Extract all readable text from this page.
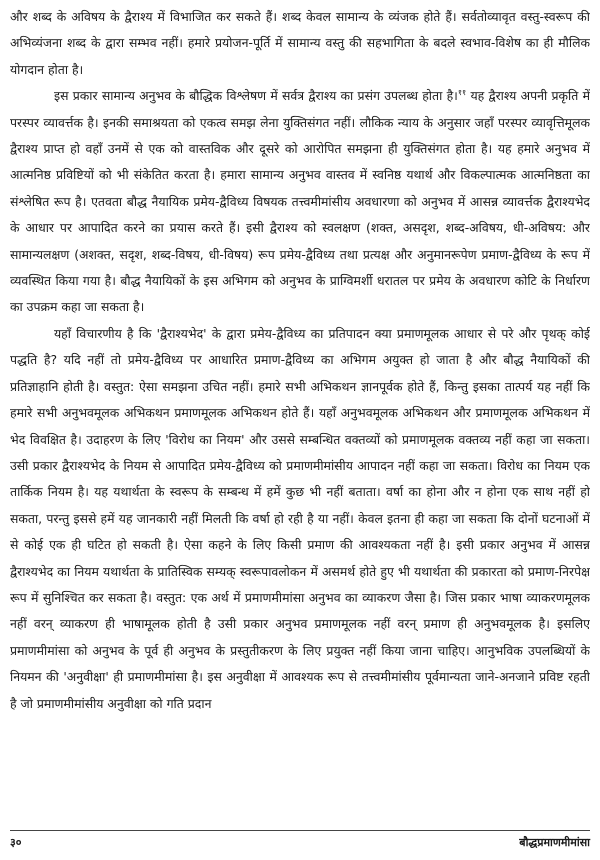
और शब्द के अविषय के द्वैराश्य में विभाजित कर सकते हैं। शब्द केवल सामान्य के व्यंजक होते हैं। सर्वतोव्यावृत वस्तु-स्वरूप की अभिव्यंजना शब्द के द्वारा सम्भव नहीं। हमारे प्रयोजन-पूर्ति में सामान्य वस्तु की सहभागिता के बदले स्वभाव-विशेष का ही मौलिक योगदान होता है।

इस प्रकार सामान्य अनुभव के बौद्धिक विश्लेषण में सर्वत्र द्वैराश्य का प्रसंग उपलब्ध होता है।$^{११}$ यह द्वैराश्य अपनी प्रकृति में परस्पर व्यावर्त्तक है। इनकी समाश्रयता को एकत्व समझ लेना युक्तिसंगत नहीं। लौकिक न्याय के अनुसार जहाँ परस्पर व्यावृत्तिमूलक द्वैराश्य प्राप्त हो वहाँ उनमें से एक को वास्तविक और दूसरे को आरोपित समझना ही युक्तिसंगत होता है। यह हमारे अनुभव में आत्मनिष्ठ प्रविष्टियों को भी संकेतित करता है। हमारा सामान्य अनुभव वास्तव में स्वनिष्ठ यथार्थ और विकल्पात्मक आत्मनिष्ठता का संश्लेषित रूप है। एतवता बौद्ध नैयायिक प्रमेय-द्वैविध्य विषयक तत्त्वमीमांसीय अवधारणा को अनुभव में आसन्न व्यावर्त्तक द्वैराश्यभेद के आधार पर आपादित करने का प्रयास करते हैं। इसी द्वैराश्य को स्वलक्षण (शक्त, असदृश, शब्द-अविषय, धी-अविषय: और सामान्यलक्षण (अशक्त, सदृश, शब्द-विषय, धी-विषय) रूप प्रमेय-द्वैविध्य तथा प्रत्यक्ष और अनुमानरूपेण प्रमाण-द्वैविध्य के रूप में व्यवस्थित किया गया है। बौद्ध नैयायिकों के इस अभिगम को अनुभव के प्राग्विमर्शी धरातल पर प्रमेय के अवधारण कोटि के निर्धारण का उपक्रम कहा जा सकता है।

यहाँ विचारणीय है कि 'द्वैराश्यभेद' के द्वारा प्रमेय-द्वैविध्य का प्रतिपादन क्या प्रमाणमूलक आधार से परे और पृथक् कोई पद्धति है? यदि नहीं तो प्रमेय-द्वैविध्य पर आधारित प्रमाण-द्वैविध्य का अभिगम अयुक्त हो जाता है और बौद्ध नैयायिकों की प्रतिज्ञाहानि होती है। वस्तुत: ऐसा समझना उचित नहीं। हमारे सभी अभिकथन ज्ञानपूर्वक होते हैं, किन्तु इसका तात्पर्य यह नहीं कि हमारे सभी अनुभवमूलक अभिकथन प्रमाणमूलक अभिकथन होते हैं। यहाँ अनुभवमूलक अभिकथन और प्रमाणमूलक अभिकथन में भेद विवक्षित है। उदाहरण के लिए 'विरोध का नियम' और उससे सम्बन्धित वक्तव्यों को प्रमाणमूलक वक्तव्य नहीं कहा जा सकता। उसी प्रकार द्वैराश्यभेद के नियम से आपादित प्रमेय-द्वैविध्य को प्रमाणमीमांसीय आपादन नहीं कहा जा सकता। विरोध का नियम एक तार्किक नियम है। यह यथार्थता के स्वरूप के सम्बन्ध में हमें कुछ भी नहीं बताता। वर्षा का होना और न होना एक साथ नहीं हो सकता, परन्तु इससे हमें यह जानकारी नहीं मिलती कि वर्षा हो रही है या नहीं। केवल इतना ही कहा जा सकता कि दोनों घटनाओं में से कोई एक ही घटित हो सकती है। ऐसा कहने के लिए किसी प्रमाण की आवश्यकता नहीं है। इसी प्रकार अनुभव में आसन्न द्वैराश्यभेद का नियम यथार्थता के प्रातिस्विक सम्यक् स्वरूपावलोकन में असमर्थ होते हुए भी यथार्थता की प्रकारता को प्रमाण-निरपेक्ष रूप में सुनिश्चित कर सकता है। वस्तुत: एक अर्थ में प्रमाणमीमांसा अनुभव का व्याकरण जैसा है। जिस प्रकार भाषा व्याकरणमूलक नहीं वरन् व्याकरण ही भाषामूलक होती है उसी प्रकार अनुभव प्रमाणमूलक नहीं वरन् प्रमाण ही अनुभवमूलक है। इसलिए प्रमाणमीमांसा को अनुभव के पूर्व ही अनुभव के प्रस्तुतीकरण के लिए प्रयुक्त नहीं किया जाना चाहिए। आनुभविक उपलब्धियों के नियमन की 'अनुवीक्षा' ही प्रमाणमीमांसा है। इस अनुवीक्षा में आवश्यक रूप से तत्त्वमीमांसीय पूर्वमान्यता जाने-अनजाने प्रविष्ट रहती है जो प्रमाणमीमांसीय अनुवीक्षा को गति प्रदान

३०	बौद्धप्रमाणमीमांसा
